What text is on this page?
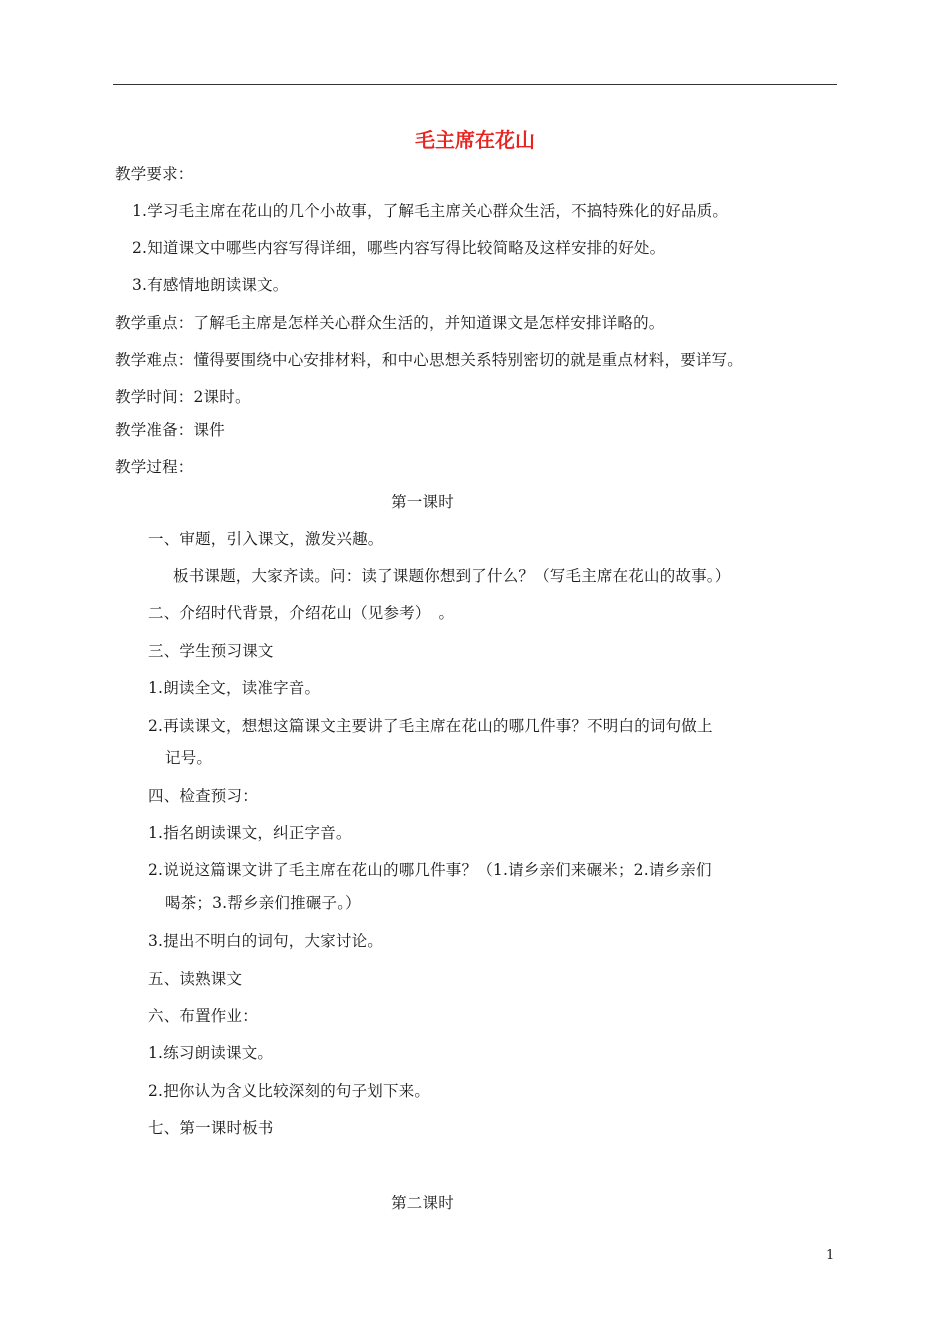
毛主席在花山
教学要求：
1.学习毛主席在花山的几个小故事，了解毛主席关心群众生活，不搞特殊化的好品质。
2.知道课文中哪些内容写得详细，哪些内容写得比较简略及这样安排的好处。
3.有感情地朗读课文。
教学重点：了解毛主席是怎样关心群众生活的，并知道课文是怎样安排详略的。
教学难点：懂得要围绕中心安排材料，和中心思想关系特别密切的就是重点材料，要详写。
教学时间：2课时。
教学准备：课件
教学过程：
第一课时
一、审题，引入课文，激发兴趣。
板书课题，大家齐读。问：读了课题你想到了什么？（写毛主席在花山的故事。）
二、介绍时代背景，介绍花山（见参考）　。
三、学生预习课文
1.朗读全文，读准字音。
2.再读课文，想想这篇课文主要讲了毛主席在花山的哪几件事？不明白的词句做上
记号。
四、检查预习：
1.指名朗读课文，纠正字音。
2.说说这篇课文讲了毛主席在花山的哪几件事？（1.请乡亲们来碾米；2.请乡亲们
喝茶；3.帮乡亲们推碾子。）
3.提出不明白的词句，大家讨论。
五、读熟课文
六、布置作业：
1.练习朗读课文。
2.把你认为含义比较深刻的句子划下来。
七、第一课时板书
第二课时
1
